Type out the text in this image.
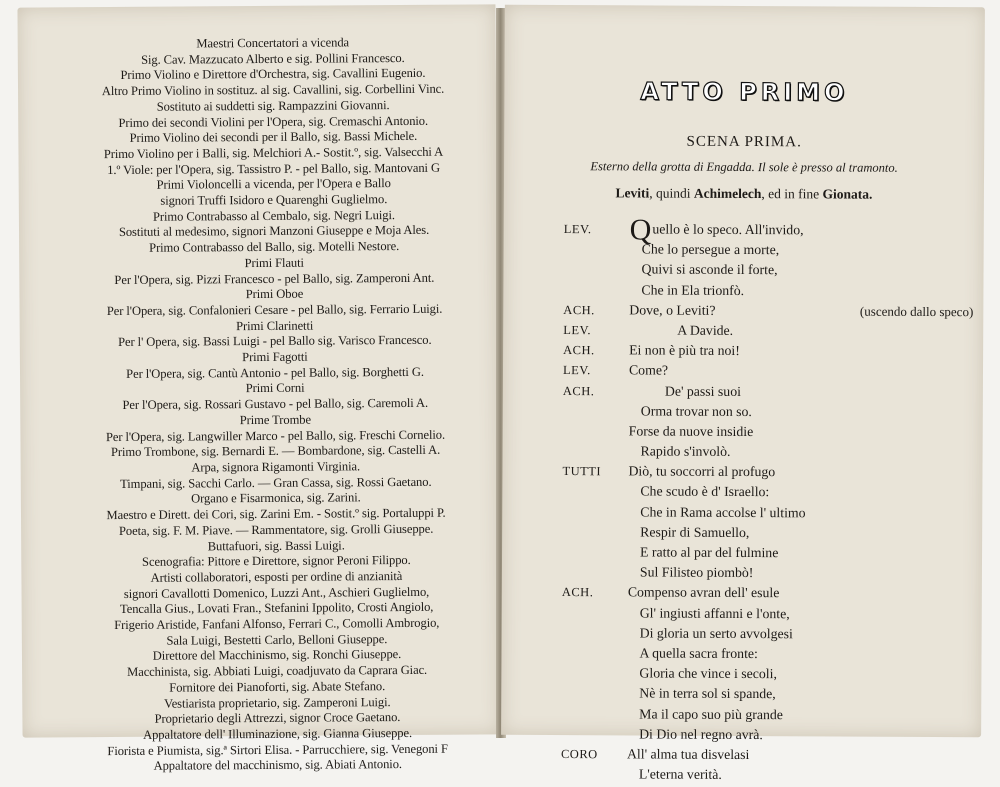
Maestri Concertatori a vicenda
Sig. Cav. Mazzucato Alberto e sig. Pollini Francesco.
Primo Violino e Direttore d'Orchestra, sig. Cavallini Eugenio.
Altro Primo Violino in sostituz. al sig. Cavallini, sig. Corbellini Vinc.
Sostituto ai suddetti sig. Rampazzini Giovanni.
Primo dei secondi Violini per l'Opera, sig. Cremaschi Antonio.
Primo Violino dei secondi per il Ballo, sig. Bassi Michele.
Primo Violino per i Balli, sig. Melchiori A.- Sostit.º, sig. Valsecchi A
1.º Viole: per l'Opera, sig. Tassistro P. - pel Ballo, sig. Mantovani G
Primi Violoncelli a vicenda, per l'Opera e Ballo
signori Truffi Isidoro e Quarenghi Guglielmo.
Primo Contrabasso al Cembalo, sig. Negri Luigi.
Sostituti al medesimo, signori Manzoni Giuseppe e Moja Ales.
Primo Contrabasso del Ballo, sig. Motelli Nestore.
Primi Flauti
Per l'Opera, sig. Pizzi Francesco - pel Ballo, sig. Zamperoni Ant.
Primi Oboe
Per l'Opera, sig. Confalonieri Cesare - pel Ballo, sig. Ferrario Luigi.
Primi Clarinetti
Per l' Opera, sig. Bassi Luigi - pel Ballo sig. Varisco Francesco.
Primi Fagotti
Per l'Opera, sig. Cantù Antonio - pel Ballo, sig. Borghetti G.
Primi Corni
Per l'Opera, sig. Rossari Gustavo - pel Ballo, sig. Caremoli A.
Prime Trombe
Per l'Opera, sig. Langwiller Marco - pel Ballo, sig. Freschi Cornelio.
Primo Trombone, sig. Bernardi E. — Bombardone, sig. Castelli A.
Arpa, signora Rigamonti Virginia.
Timpani, sig. Sacchi Carlo. — Gran Cassa, sig. Rossi Gaetano.
Organo e Fisarmonica, sig. Zarini.
Maestro e Dirett. dei Cori, sig. Zarini Em. - Sostit.º sig. Portaluppi P.
Poeta, sig. F. M. Piave. — Rammentatore, sig. Grolli Giuseppe.
Buttafuori, sig. Bassi Luigi.
Scenografia: Pittore e Direttore, signor Peroni Filippo.
Artisti collaboratori, esposti per ordine di anzianità
signori Cavallotti Domenico, Luzzi Ant., Aschieri Guglielmo,
Tencalla Gius., Lovati Fran., Stefanini Ippolito, Crosti Angiolo,
Frigerio Aristide, Fanfani Alfonso, Ferrari C., Comolli Ambrogio,
Sala Luigi, Bestetti Carlo, Belloni Giuseppe.
Direttore del Macchinismo, sig. Ronchi Giuseppe.
Macchinista, sig. Abbiati Luigi, coadjuvato da Caprara Giac.
Fornitore dei Pianoforti, sig. Abate Stefano.
Vestiarista proprietario, sig. Zamperoni Luigi.
Proprietario degli Attrezzi, signor Croce Gaetano.
Appaltatore dell' Illuminazione, sig. Gianna Giuseppe.
Fiorista e Piumista, sig.ª Sirtori Elisa. - Parrucchiere, sig. Venegoni F
Appaltatore del macchinismo, sig. Abiati Antonio.
ATTO PRIMO
SCENA PRIMA.
Esterno della grotta di Engadda. Il sole è presso al tramonto.
Leviti, quindi Achimelech, ed in fine Gionata.
LEV. Quello è lo speco. All'invido,
Che lo persegue a morte,
Quivi si asconde il forte,
Che in Ela trionfò.
ACH. Dove, o Leviti?	(uscendo dallo speco)
LEV.	A Davide.
ACH. Ei non è più tra noi!
LEV.	Come?
ACH.	De' passi suoi
Orma trovar non so.
Forse da nuove insidie
Rapido s'involò.
TUTTI Diò, tu soccorri al profugo
Che scudo è d' Israello:
Che in Rama accolse l' ultimo
Respir di Samuello,
E ratto al par del fulmine
Sul Filisteo piombò!
ACH. Compenso avran dell' esule
Gl' ingiusti affanni e l'onte,
Di gloria un serto avvolgesi
A quella sacra fronte:
Gloria che vince i secoli,
Nè in terra sol si spande,
Ma il capo suo più grande
Di Dio nel regno avrà.
CORO All' alma tua disvelasi
L'eterna verità.
